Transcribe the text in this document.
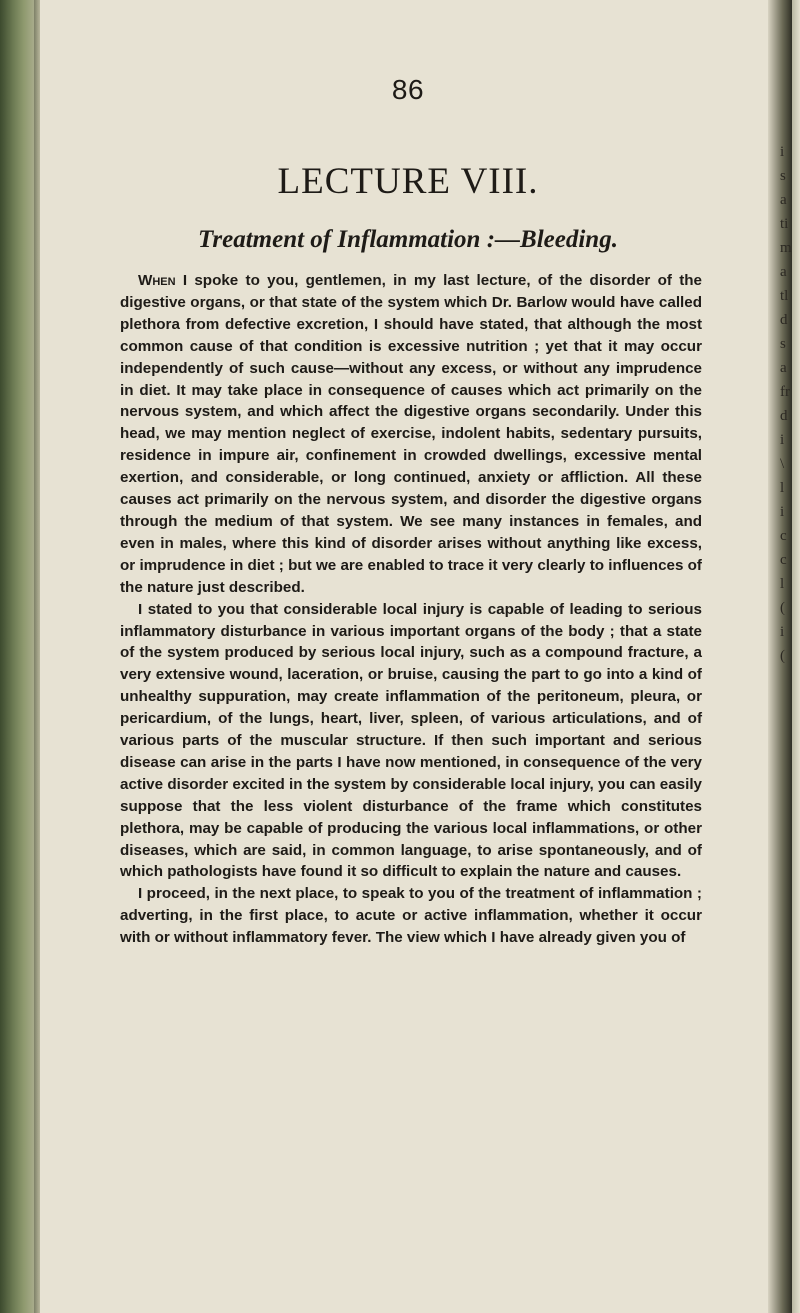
86
LECTURE VIII.
Treatment of Inflammation :—Bleeding.

When I spoke to you, gentlemen, in my last lecture, of the disorder of the digestive organs, or that state of the system which Dr. Barlow would have called plethora from defective excretion, I should have stated, that although the most common cause of that condition is excessive nutrition ; yet that it may occur independently of such cause—without any excess, or without any imprudence in diet. It may take place in consequence of causes which act primarily on the nervous system, and which affect the digestive organs secondarily. Under this head, we may mention neglect of exercise, indolent habits, sedentary pursuits, residence in impure air, confinement in crowded dwellings, excessive mental exertion, and considerable, or long continued, anxiety or affliction. All these causes act primarily on the nervous system, and disorder the digestive organs through the medium of that system. We see many instances in females, and even in males, where this kind of disorder arises without anything like excess, or imprudence in diet ; but we are enabled to trace it very clearly to influences of the nature just described.

I stated to you that considerable local injury is capable of leading to serious inflammatory disturbance in various important organs of the body ; that a state of the system produced by serious local injury, such as a compound fracture, a very extensive wound, laceration, or bruise, causing the part to go into a kind of unhealthy suppuration, may create inflammation of the peritoneum, pleura, or pericardium, of the lungs, heart, liver, spleen, of various articulations, and of various parts of the muscular structure. If then such important and serious disease can arise in the parts I have now mentioned, in consequence of the very active disorder excited in the system by considerable local injury, you can easily suppose that the less violent disturbance of the frame which constitutes plethora, may be capable of producing the various local inflammations, or other diseases, which are said, in common language, to arise spontaneously, and of which pathologists have found it so difficult to explain the nature and causes.

I proceed, in the next place, to speak to you of the treatment of inflammation ; adverting, in the first place, to acute or active inflammation, whether it occur with or without inflammatory fever. The view which I have already given you of

i
s
a
ti
m
a
tl
d
s
a
fr
d
i
\
l
i
c
c
l
(
i
(
